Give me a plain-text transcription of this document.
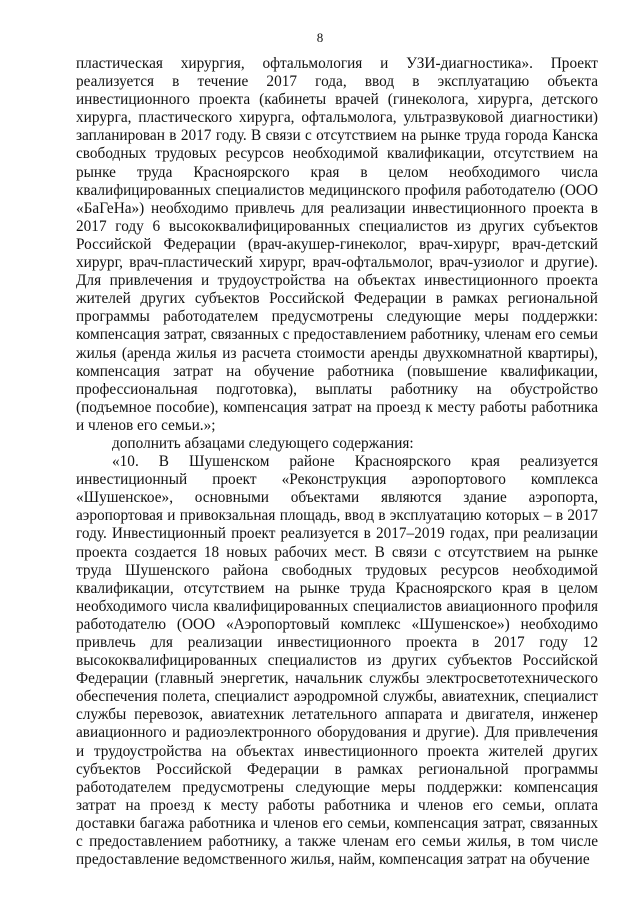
8

пластическая хирургия, офтальмология и УЗИ-диагностика». Проект реализуется в течение 2017 года, ввод в эксплуатацию объекта инвестиционного проекта (кабинеты врачей (гинеколога, хирурга, детского хирурга, пластического хирурга, офтальмолога, ультразвуковой диагностики) запланирован в 2017 году. В связи с отсутствием на рынке труда города Канска свободных трудовых ресурсов необходимой квалификации, отсутствием на рынке труда Красноярского края в целом необходимого числа квалифицированных специалистов медицинского профиля работодателю (ООО «БаГеНа») необходимо привлечь для реализации инвестиционного проекта в 2017 году 6 высококвалифицированных специалистов из других субъектов Российской Федерации (врач-акушер-гинеколог, врач-хирург, врач-детский хирург, врач-пластический хирург, врач-офтальмолог, врач-узиолог и другие). Для привлечения и трудоустройства на объектах инвестиционного проекта жителей других субъектов Российской Федерации в рамках региональной программы работодателем предусмотрены следующие меры поддержки: компенсация затрат, связанных с предоставлением работнику, членам его семьи жилья (аренда жилья из расчета стоимости аренды двухкомнатной квартиры), компенсация затрат на обучение работника (повышение квалификации, профессиональная подготовка), выплаты работнику на обустройство (подъемное пособие), компенсация затрат на проезд к месту работы работника и членов его семьи.»;

дополнить абзацами следующего содержания:

«10. В Шушенском районе Красноярского края реализуется инвестиционный проект «Реконструкция аэропортового комплекса «Шушенское», основными объектами являются здание аэропорта, аэропортовая и привокзальная площадь, ввод в эксплуатацию которых – в 2017 году. Инвестиционный проект реализуется в 2017–2019 годах, при реализации проекта создается 18 новых рабочих мест. В связи с отсутствием на рынке труда Шушенского района свободных трудовых ресурсов необходимой квалификации, отсутствием на рынке труда Красноярского края в целом необходимого числа квалифицированных специалистов авиационного профиля работодателю (ООО «Аэропортовый комплекс «Шушенское») необходимо привлечь для реализации инвестиционного проекта в 2017 году 12 высококвалифицированных специалистов из других субъектов Российской Федерации (главный энергетик, начальник службы электросветотехнического обеспечения полета, специалист аэродромной службы, авиатехник, специалист службы перевозок, авиатехник летательного аппарата и двигателя, инженер авиационного и радиоэлектронного оборудования и другие). Для привлечения и трудоустройства на объектах инвестиционного проекта жителей других субъектов Российской Федерации в рамках региональной программы работодателем предусмотрены следующие меры поддержки: компенсация затрат на проезд к месту работы работника и членов его семьи, оплата доставки багажа работника и членов его семьи, компенсация затрат, связанных с предоставлением работнику, а также членам его семьи жилья, в том числе предоставление ведомственного жилья, найм, компенсация затрат на обучение
